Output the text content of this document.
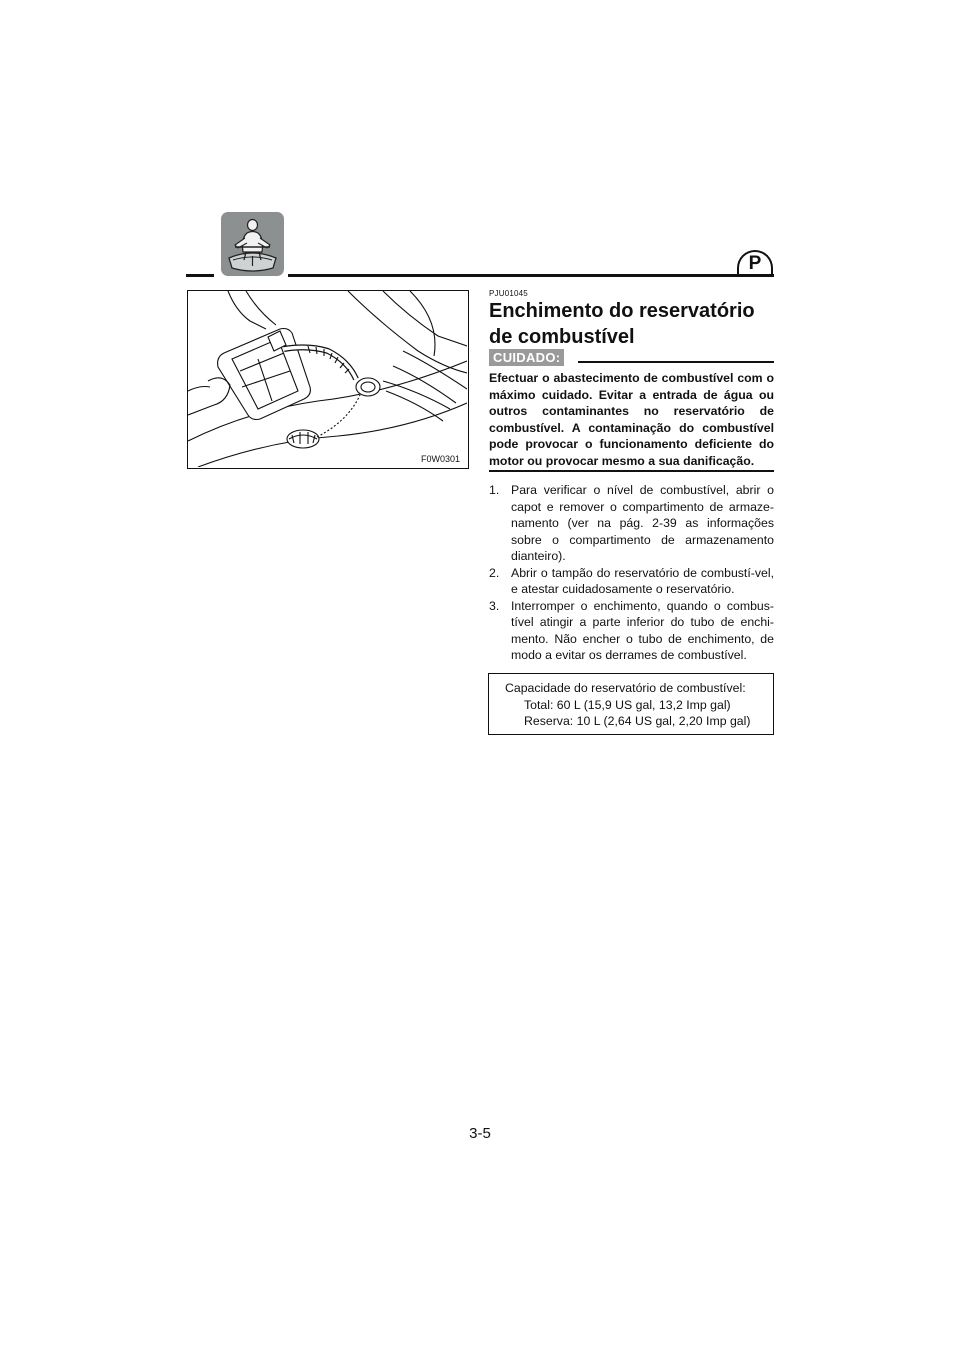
P
F0W0301
PJU01045
Enchimento do reservatório de combustível
CUIDADO:

Efectuar o abastecimento de combustível com o máximo cuidado. Evitar a entrada de água ou outros contaminantes no reservatório de combustível. A contaminação do combustível pode provocar o funcionamento deficiente do motor ou provocar mesmo a sua danificação.

1. Para verificar o nível de combustível, abrir o capot e remover o compartimento de armaze-namento (ver na pág. 2-39 as informações sobre o compartimento de armazenamento dianteiro).
2. Abrir o tampão do reservatório de combustí-vel, e atestar cuidadosamente o reservatório.
3. Interromper o enchimento, quando o combus-tível atingir a parte inferior do tubo de enchi-mento. Não encher o tubo de enchimento, de modo a evitar os derrames de combustível.
Capacidade do reservatório de combustível:
Total: 60 L (15,9 US gal, 13,2 Imp gal)
Reserva: 10 L (2,64 US gal, 2,20 Imp gal)
3-5
